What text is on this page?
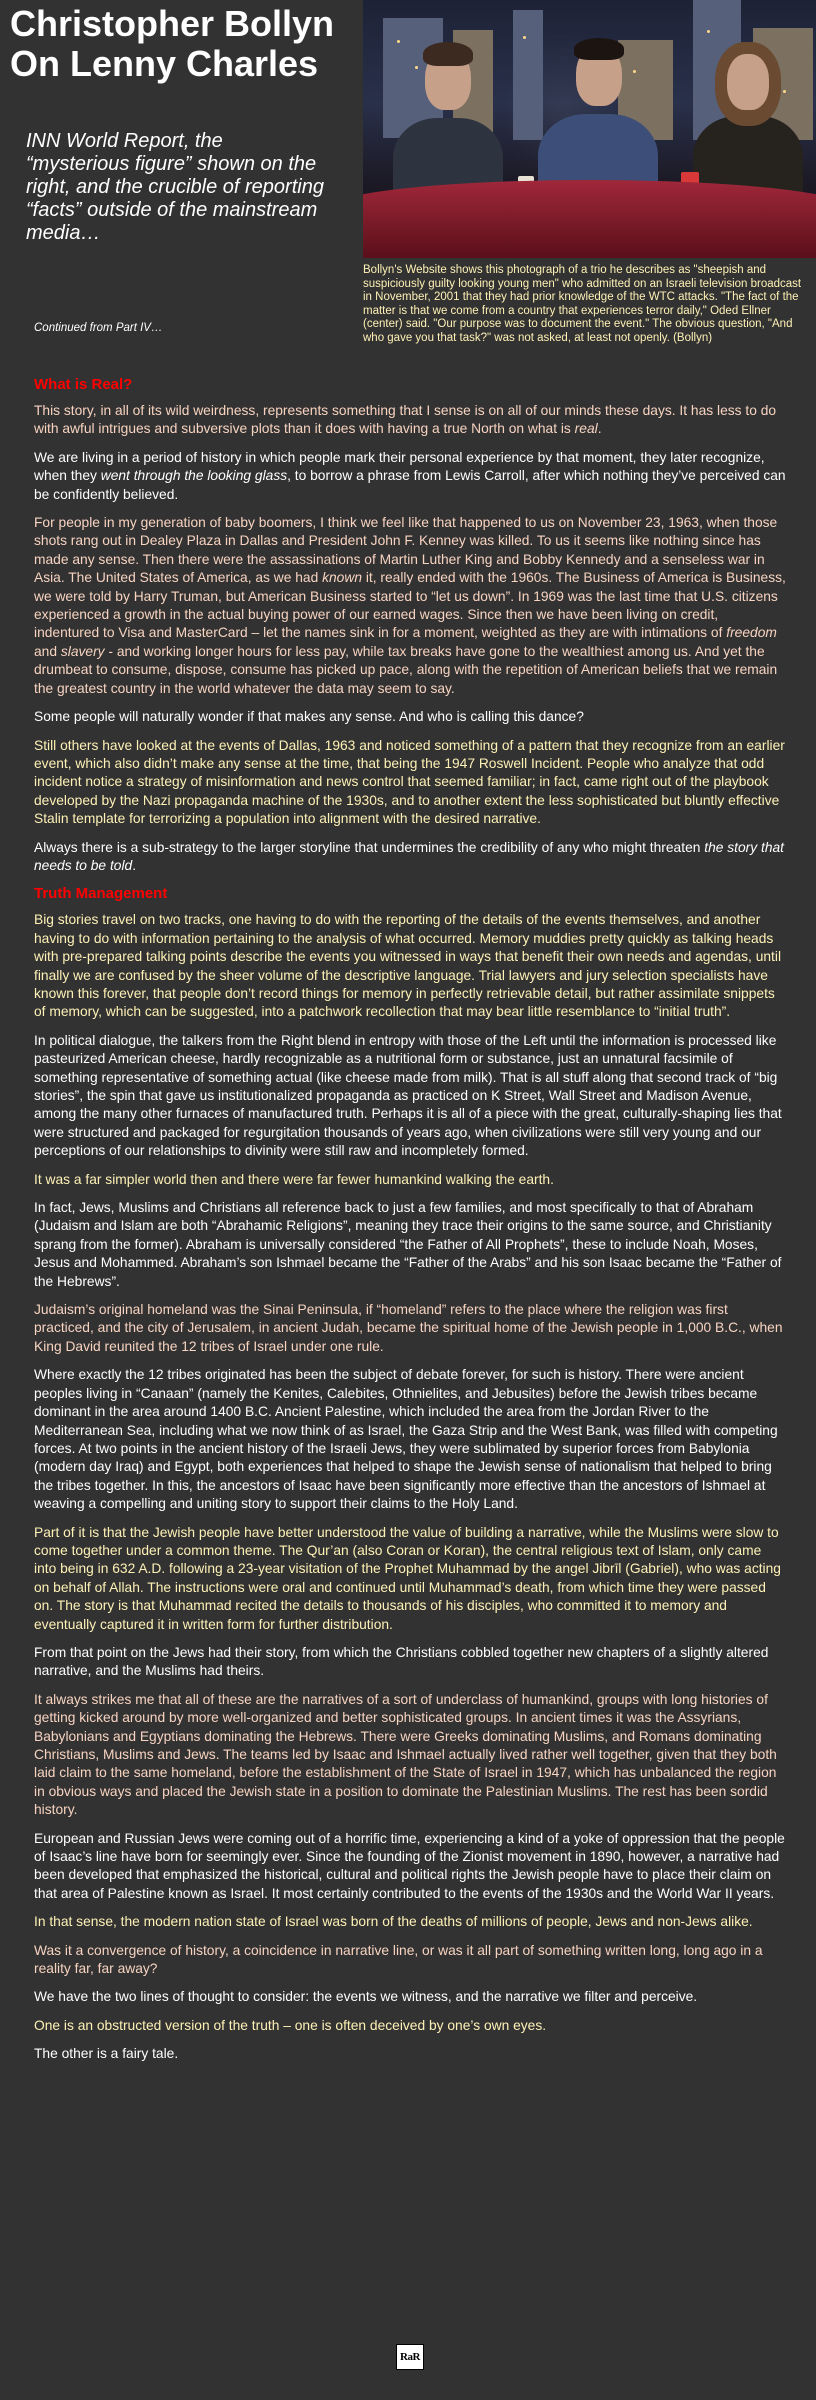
Christopher Bollyn On Lenny Charles

INN World Report, the “mysterious figure” shown on the right, and the crucible of reporting “facts” outside of the mainstream media…

Continued from Part IV…

Bollyn's Website shows this photograph of a trio he describes as "sheepish and suspiciously guilty looking young men" who admitted on an Israeli television broadcast in November, 2001 that they had prior knowledge of the WTC attacks. "The fact of the matter is that we come from a country that experiences terror daily," Oded Ellner (center) said. "Our purpose was to document the event." The obvious question, "And who gave you that task?" was not asked, at least not openly. (Bollyn)

What is Real?

This story, in all of its wild weirdness, represents something that I sense is on all of our minds these days. It has less to do with awful intrigues and subversive plots than it does with having a true North on what is real.

We are living in a period of history in which people mark their personal experience by that moment, they later recognize, when they went through the looking glass, to borrow a phrase from Lewis Carroll, after which nothing they’ve perceived can be confidently believed.

For people in my generation of baby boomers, I think we feel like that happened to us on November 23, 1963, when those shots rang out in Dealey Plaza in Dallas and President John F. Kenney was killed. To us it seems like nothing since has made any sense. Then there were the assassinations of Martin Luther King and Bobby Kennedy and a senseless war in Asia. The United States of America, as we had known it, really ended with the 1960s. The Business of America is Business, we were told by Harry Truman, but American Business started to “let us down”. In 1969 was the last time that U.S. citizens experienced a growth in the actual buying power of our earned wages. Since then we have been living on credit, indentured to Visa and MasterCard – let the names sink in for a moment, weighted as they are with intimations of freedom and slavery - and working longer hours for less pay, while tax breaks have gone to the wealthiest among us. And yet the drumbeat to consume, dispose, consume has picked up pace, along with the repetition of American beliefs that we remain the greatest country in the world whatever the data may seem to say.

Some people will naturally wonder if that makes any sense. And who is calling this dance?

Still others have looked at the events of Dallas, 1963 and noticed something of a pattern that they recognize from an earlier event, which also didn’t make any sense at the time, that being the 1947 Roswell Incident. People who analyze that odd incident notice a strategy of misinformation and news control that seemed familiar; in fact, came right out of the playbook developed by the Nazi propaganda machine of the 1930s, and to another extent the less sophisticated but bluntly effective Stalin template for terrorizing a population into alignment with the desired narrative.

Always there is a sub-strategy to the larger storyline that undermines the credibility of any who might threaten the story that needs to be told.

Truth Management

Big stories travel on two tracks, one having to do with the reporting of the details of the events themselves, and another having to do with information pertaining to the analysis of what occurred. Memory muddies pretty quickly as talking heads with pre-prepared talking points describe the events you witnessed in ways that benefit their own needs and agendas, until finally we are confused by the sheer volume of the descriptive language. Trial lawyers and jury selection specialists have known this forever, that people don’t record things for memory in perfectly retrievable detail, but rather assimilate snippets of memory, which can be suggested, into a patchwork recollection that may bear little resemblance to “initial truth”.

In political dialogue, the talkers from the Right blend in entropy with those of the Left until the information is processed like pasteurized American cheese, hardly recognizable as a nutritional form or substance, just an unnatural facsimile of something representative of something actual (like cheese made from milk). That is all stuff along that second track of “big stories”, the spin that gave us institutionalized propaganda as practiced on K Street, Wall Street and Madison Avenue, among the many other furnaces of manufactured truth. Perhaps it is all of a piece with the great, culturally-shaping lies that were structured and packaged for regurgitation thousands of years ago, when civilizations were still very young and our perceptions of our relationships to divinity were still raw and incompletely formed.

It was a far simpler world then and there were far fewer humankind walking the earth.

In fact, Jews, Muslims and Christians all reference back to just a few families, and most specifically to that of Abraham (Judaism and Islam are both “Abrahamic Religions”, meaning they trace their origins to the same source, and Christianity sprang from the former). Abraham is universally considered “the Father of All Prophets”, these to include Noah, Moses, Jesus and Mohammed. Abraham’s son Ishmael became the “Father of the Arabs” and his son Isaac became the “Father of the Hebrews”.

Judaism’s original homeland was the Sinai Peninsula, if “homeland” refers to the place where the religion was first practiced, and the city of Jerusalem, in ancient Judah, became the spiritual home of the Jewish people in 1,000 B.C., when King David reunited the 12 tribes of Israel under one rule.

Where exactly the 12 tribes originated has been the subject of debate forever, for such is history. There were ancient peoples living in “Canaan” (namely the Kenites, Calebites, Othnielites, and Jebusites) before the Jewish tribes became dominant in the area around 1400 B.C. Ancient Palestine, which included the area from the Jordan River to the Mediterranean Sea, including what we now think of as Israel, the Gaza Strip and the West Bank, was filled with competing forces. At two points in the ancient history of the Israeli Jews, they were sublimated by superior forces from Babylonia (modern day Iraq) and Egypt, both experiences that helped to shape the Jewish sense of nationalism that helped to bring the tribes together. In this, the ancestors of Isaac have been significantly more effective than the ancestors of Ishmael at weaving a compelling and uniting story to support their claims to the Holy Land.

Part of it is that the Jewish people have better understood the value of building a narrative, while the Muslims were slow to come together under a common theme. The Qur’an (also Coran or Koran), the central religious text of Islam, only came into being in 632 A.D. following a 23-year visitation of the Prophet Muhammad by the angel Jibrīl (Gabriel), who was acting on behalf of Allah. The instructions were oral and continued until Muhammad’s death, from which time they were passed on. The story is that Muhammad recited the details to thousands of his disciples, who committed it to memory and eventually captured it in written form for further distribution.

From that point on the Jews had their story, from which the Christians cobbled together new chapters of a slightly altered narrative, and the Muslims had theirs.

It always strikes me that all of these are the narratives of a sort of underclass of humankind, groups with long histories of getting kicked around by more well-organized and better sophisticated groups. In ancient times it was the Assyrians, Babylonians and Egyptians dominating the Hebrews. There were Greeks dominating Muslims, and Romans dominating Christians, Muslims and Jews. The teams led by Isaac and Ishmael actually lived rather well together, given that they both laid claim to the same homeland, before the establishment of the State of Israel in 1947, which has unbalanced the region in obvious ways and placed the Jewish state in a position to dominate the Palestinian Muslims. The rest has been sordid history.

European and Russian Jews were coming out of a horrific time, experiencing a kind of a yoke of oppression that the people of Isaac’s line have born for seemingly ever. Since the founding of the Zionist movement in 1890, however, a narrative had been developed that emphasized the historical, cultural and political rights the Jewish people have to place their claim on that area of Palestine known as Israel. It most certainly contributed to the events of the 1930s and the World War II years.

In that sense, the modern nation state of Israel was born of the deaths of millions of people, Jews and non-Jews alike.

Was it a convergence of history, a coincidence in narrative line, or was it all part of something written long, long ago in a reality far, far away?

We have the two lines of thought to consider: the events we witness, and the narrative we filter and perceive.

One is an obstructed version of the truth – one is often deceived by one’s own eyes.

The other is a fairy tale.

RaR
